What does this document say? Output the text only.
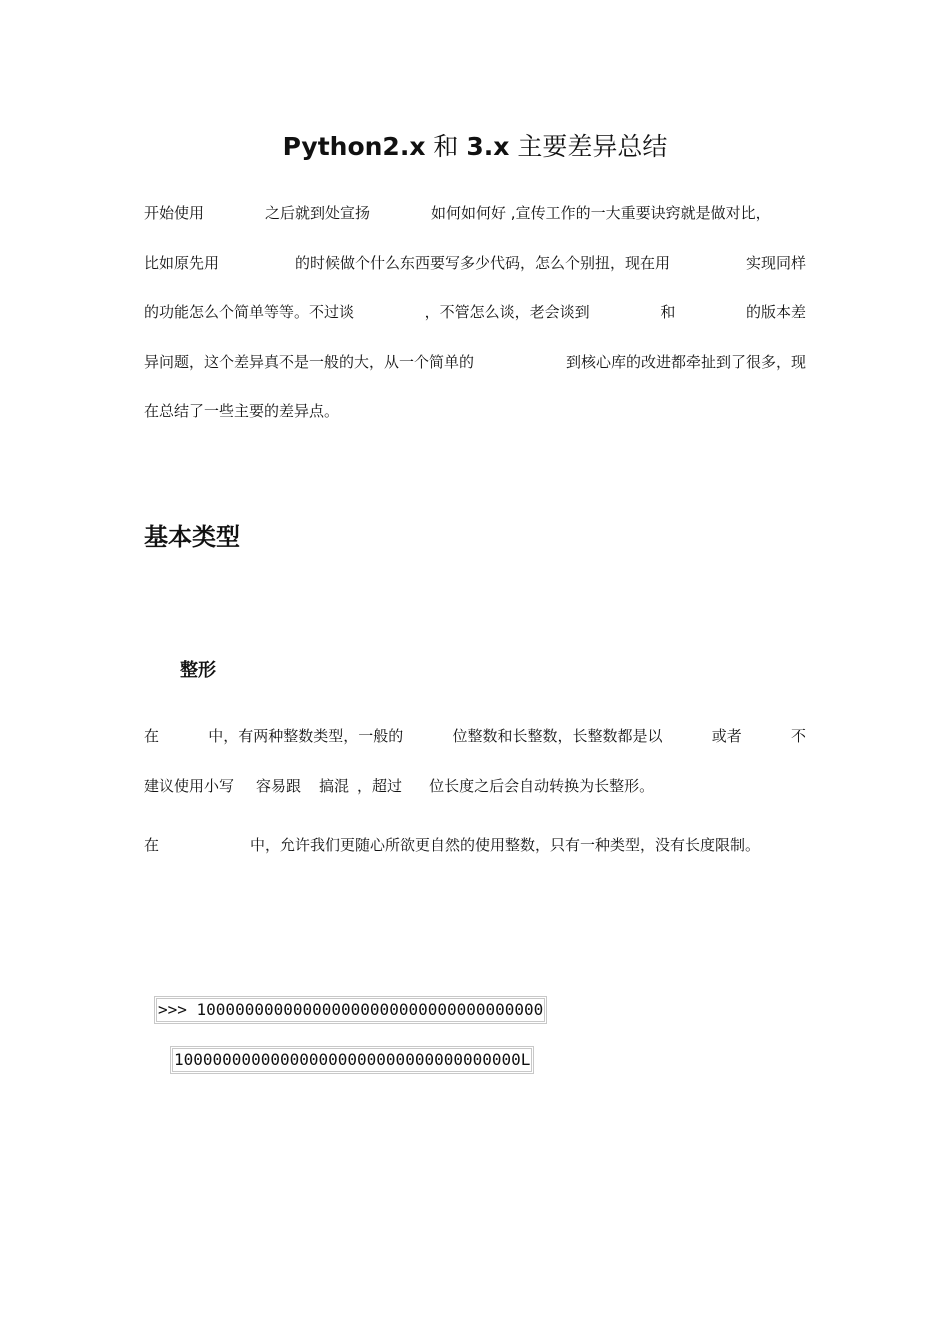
Python2.x 和 3.x 主要差异总结
开始使用	之后就到处宣扬	如何如何好 ,宣传工作的一大重要诀窍就是做对比，
比如原先用	的时候做个什么东西要写多少代码，怎么个别扭，现在用	实现同样
的功能怎么个简单等等。不过谈	，不管怎么谈，老会谈到	和	的版本差
异问题，这个差异真不是一般的大，从一个简单的	到核心库的改进都牵扯到了很多，现
在总结了一些主要的差异点。
基本类型
整形
在	中，有两种整数类型，一般的	位整数和长整数，长整数都是以	或者	不
建议使用小写 容易跟 搞混 ，超过 位长度之后会自动转换为长整形。
在	中，允许我们更随心所欲更自然的使用整数，只有一种类型，没有长度限制。
>>> 100000000000000000000000000000000000
100000000000000000000000000000000000L
